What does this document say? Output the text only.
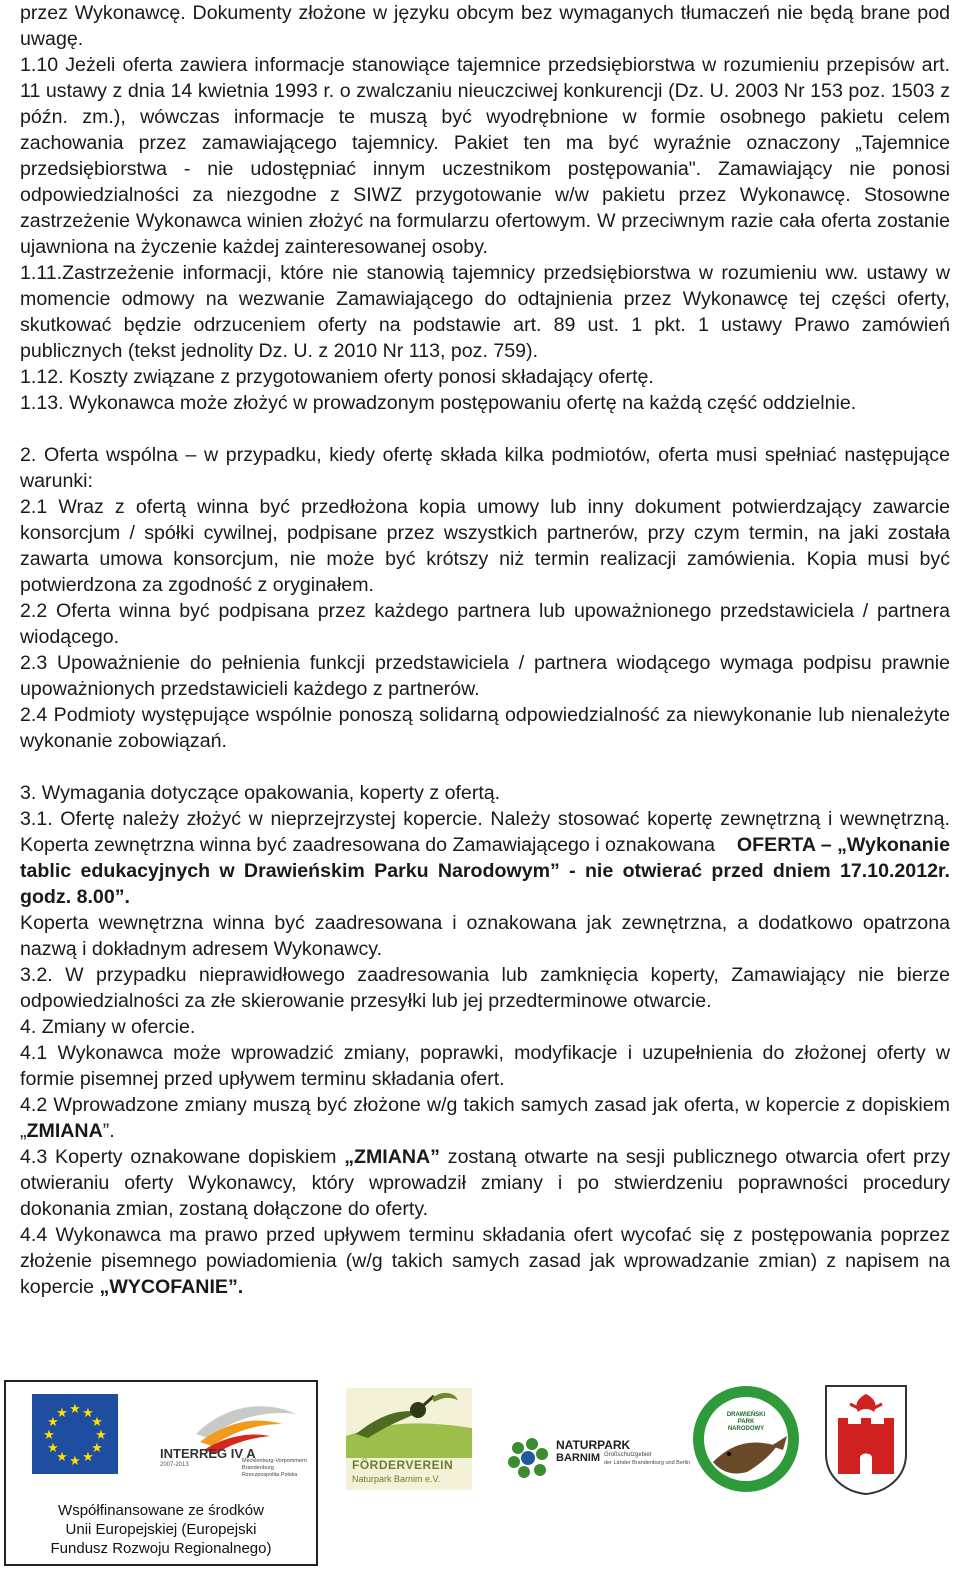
przez Wykonawcę. Dokumenty złożone w języku obcym bez wymaganych tłumaczeń nie będą brane pod uwagę.

1.10 Jeżeli oferta zawiera informacje stanowiące tajemnice przedsiębiorstwa w rozumieniu przepisów art. 11 ustawy z dnia 14 kwietnia 1993 r. o zwalczaniu nieuczciwej konkurencji (Dz. U. 2003 Nr 153 poz. 1503 z późn. zm.), wówczas informacje te muszą być wyodrębnione w formie osobnego pakietu celem zachowania przez zamawiającego tajemnicy. Pakiet ten ma być wyraźnie oznaczony „Tajemnice przedsiębiorstwa - nie udostępniać innym uczestnikom postępowania". Zamawiający nie ponosi odpowiedzialności za niezgodne z SIWZ przygotowanie w/w pakietu przez Wykonawcę. Stosowne zastrzeżenie Wykonawca winien złożyć na formularzu ofertowym. W przeciwnym razie cała oferta zostanie ujawniona na życzenie każdej zainteresowanej osoby.

1.11.Zastrzeżenie informacji, które nie stanowią tajemnicy przedsiębiorstwa w rozumieniu ww. ustawy w momencie odmowy na wezwanie Zamawiającego do odtajnienia przez Wykonawcę tej części oferty, skutkować będzie odrzuceniem oferty na podstawie art. 89 ust. 1 pkt. 1 ustawy Prawo zamówień publicznych (tekst jednolity Dz. U. z 2010 Nr 113, poz. 759).

1.12. Koszty związane z przygotowaniem oferty ponosi składający ofertę.

1.13. Wykonawca może złożyć w prowadzonym postępowaniu ofertę na każdą część oddzielnie.

2. Oferta wspólna – w przypadku, kiedy ofertę składa kilka podmiotów, oferta musi spełniać następujące warunki:

2.1 Wraz z ofertą winna być przedłożona kopia umowy lub inny dokument potwierdzający zawarcie konsorcjum / spółki cywilnej, podpisane przez wszystkich partnerów, przy czym termin, na jaki została zawarta umowa konsorcjum, nie może być krótszy niż termin realizacji zamówienia. Kopia musi być potwierdzona za zgodność z oryginałem.

2.2 Oferta winna być podpisana przez każdego partnera lub upoważnionego przedstawiciela / partnera wiodącego.

2.3 Upoważnienie do pełnienia funkcji przedstawiciela / partnera wiodącego wymaga podpisu prawnie upoważnionych przedstawicieli każdego z partnerów.

2.4 Podmioty występujące wspólnie ponoszą solidarną odpowiedzialność za niewykonanie lub nienależyte wykonanie zobowiązań.

3. Wymagania dotyczące opakowania, koperty z ofertą.

3.1. Ofertę należy złożyć w nieprzejrzystej kopercie. Należy stosować kopertę zewnętrzną i wewnętrzną. Koperta zewnętrzna winna być zaadresowana do Zamawiającego i oznakowana OFERTA – „Wykonanie tablic edukacyjnych w Drawieńskim Parku Narodowym” - nie otwierać przed dniem 17.10.2012r. godz. 8.00”.

Koperta wewnętrzna winna być zaadresowana i oznakowana jak zewnętrzna, a dodatkowo opatrzona nazwą i dokładnym adresem Wykonawcy.

3.2. W przypadku nieprawidłowego zaadresowania lub zamknięcia koperty, Zamawiający nie bierze odpowiedzialności za złe skierowanie przesyłki lub jej przedterminowe otwarcie.

4. Zmiany w ofercie.

4.1 Wykonawca może wprowadzić zmiany, poprawki, modyfikacje i uzupełnienia do złożonej oferty w formie pisemnej przed upływem terminu składania ofert.

4.2 Wprowadzone zmiany muszą być złożone w/g takich samych zasad jak oferta, w kopercie z dopiskiem „ZMIANA”.

4.3 Koperty oznakowane dopiskiem „ZMIANA” zostaną otwarte na sesji publicznego otwarcia ofert przy otwieraniu oferty Wykonawcy, który wprowadził zmiany i po stwierdzeniu poprawności procedury dokonania zmian, zostaną dołączone do oferty.

4.4 Wykonawca ma prawo przed upływem terminu składania ofert wycofać się z postępowania poprzez złożenie pisemnego powiadomienia (w/g takich samych zasad jak wprowadzanie zmian) z napisem na kopercie „WYCOFANIE”.

★ ★
★
★
★
★
★
★
★
★
★
★
INTERREG IV A
2007-2013
Mecklenburg-Vorpommern
Brandenburg
Rzeczpospolita Polska
Współfinansowane ze środków
Unii Europejskiej (Europejski
Fundusz Rozwoju Regionalnego)
FÖRDERVEREIN
Naturpark Barnim e.V.
NATURPARK
BARNIM Großschutzgebiet
der Länder Brandenburg und Berlin
DRAWIEŃSKI
PARK
NARODOWY
